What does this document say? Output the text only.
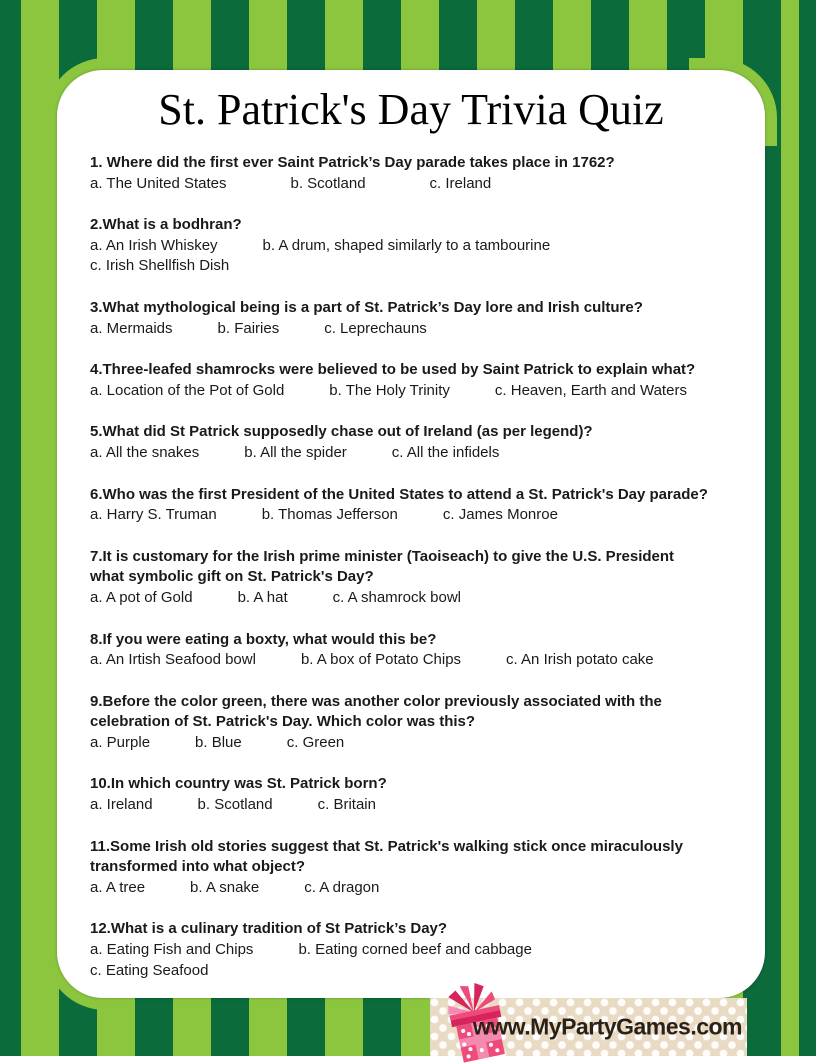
St. Patrick's Day Trivia Quiz
1. Where did the first ever Saint Patrick’s Day parade takes place in 1762?
a. The United States	b. Scotland	c. Ireland
2.What is a bodhran?
a. An Irish Whiskey	b. A drum, shaped similarly to a tambourine
c. Irish Shellfish Dish
3.What mythological being is a part of St. Patrick’s Day lore and Irish culture?
a. Mermaids	b. Fairies	c. Leprechauns
4.Three-leafed shamrocks were believed to be used by Saint Patrick to explain what?
a. Location of the Pot of Gold	b. The Holy Trinity	c. Heaven, Earth and Waters
5.What did St Patrick supposedly chase out of Ireland (as per legend)?
a. All the snakes	b. All the spider	c. All the infidels
6.Who was the first President of the United States to attend a St. Patrick's Day parade?
a. Harry S. Truman	b. Thomas Jefferson	c. James Monroe
7.It is customary for the Irish prime minister (Taoiseach) to give the U.S. President
what symbolic gift on St. Patrick's Day?
a. A pot of Gold	b. A hat	c. A shamrock bowl
8.If you were eating a boxty, what would this be?
a. An Irtish Seafood bowl	b. A box of Potato Chips	c. An Irish potato cake
9.Before the color green, there was another color previously associated with the
celebration of St. Patrick's Day. Which color was this?
a. Purple	b. Blue	c. Green
10.In which country was St. Patrick born?
a. Ireland	b. Scotland	c. Britain
11.Some Irish old stories suggest that St. Patrick's walking stick once miraculously
transformed into what object?
a. A tree	b. A snake	c. A dragon
12.What is a culinary tradition of St Patrick’s Day?
a. Eating Fish and Chips	b. Eating corned beef and cabbage
c. Eating Seafood
www.MyPartyGames.com
